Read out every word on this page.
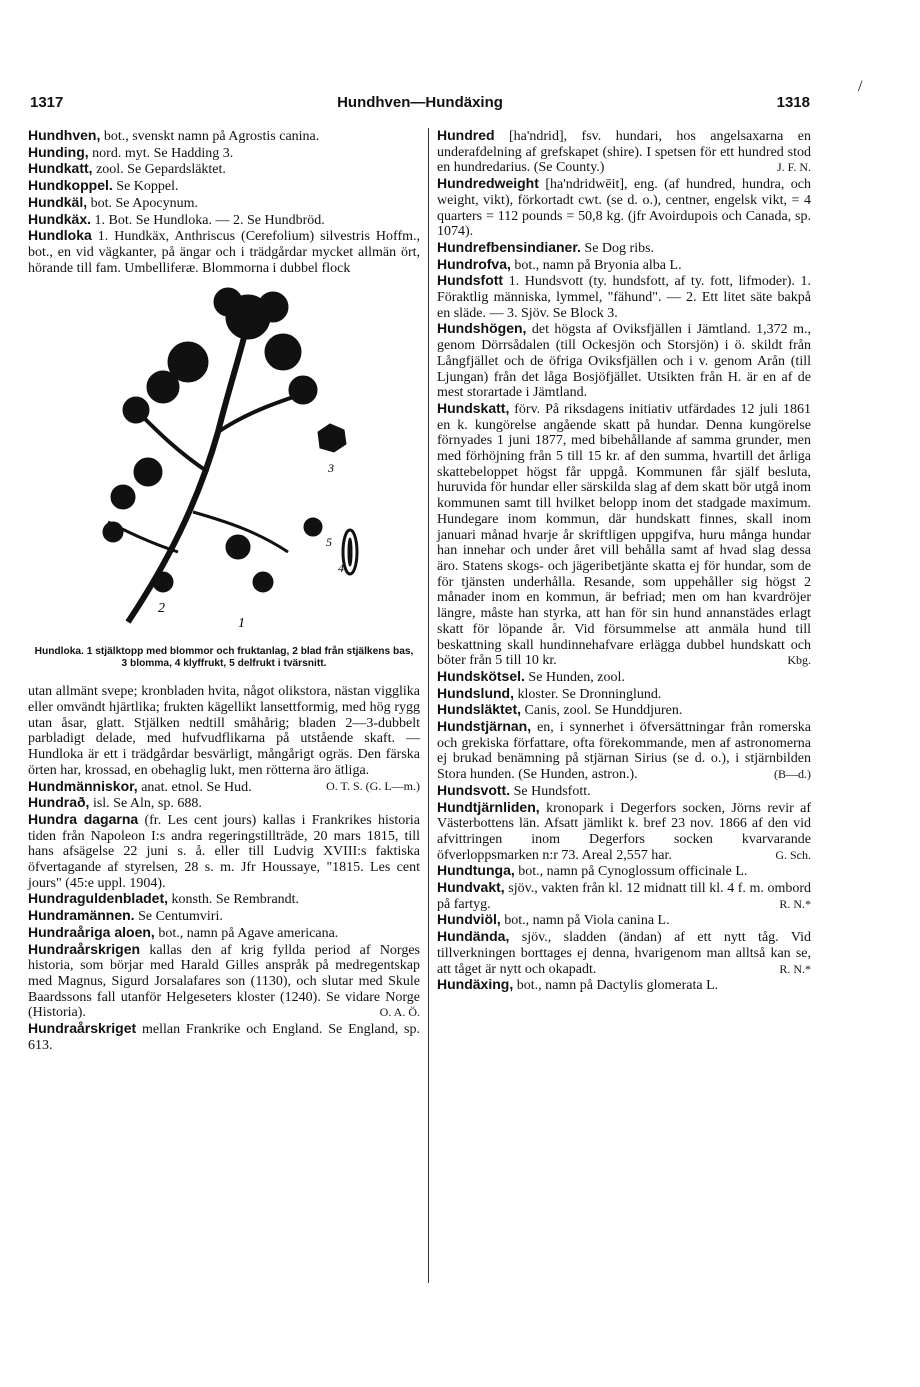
1317	Hundhven—Hundäxing	1318
/

Hundhven, bot., svenskt namn på Agrostis canina.

Hunding, nord. myt. Se Hadding 3.

Hundkatt, zool. Se Gepardsläktet.

Hundkoppel. Se Koppel.

Hundkäl, bot. Se Apocynum.

Hundkäx. 1. Bot. Se Hundloka. — 2. Se Hundbröd.

Hundloka 1. Hundkäx, Anthriscus (Cerefolium) silvestris Hoffm., bot., en vid vägkanter, på ängar och i trädgårdar mycket allmän ört, hörande till fam. Umbelliferæ. Blommorna i dubbel flock

2
1
3
4
5
Hundloka. 1 stjälktopp med blommor och fruktanlag, 2 blad från stjälkens bas, 3 blomma, 4 klyffrukt, 5 delfrukt i tvärsnitt.

utan allmänt svepe; kronbladen hvita, något olikstora, nästan vigglika eller omvändt hjärtlika; frukten kägellikt lansettformig, med hög rygg utan åsar, glatt. Stjälken nedtill småhårig; bladen 2—3-dubbelt parbladigt delade, med hufvudflikarna på utstående skaft. — Hundloka är ett i trädgårdar besvärligt, mångårigt ogräs. Den färska örten har, krossad, en obehaglig lukt, men rötterna äro ätliga.
O. T. S. (G. L—m.)

Hundmänniskor, anat. etnol. Se Hud.

Hundrað, isl. Se Aln, sp. 688.

Hundra dagarna (fr. Les cent jours) kallas i Frankrikes historia tiden från Napoleon I:s andra regeringstillträde, 20 mars 1815, till hans afsägelse 22 juni s. å. eller till Ludvig XVIII:s faktiska öfvertagande af styrelsen, 28 s. m. Jfr Houssaye, "1815. Les cent jours" (45:e uppl. 1904).

Hundraguldenbladet, konsth. Se Rembrandt.

Hundramännen. Se Centumviri.

Hundraåriga aloen, bot., namn på Agave americana.

Hundraårskrigen kallas den af krig fyllda period af Norges historia, som börjar med Harald Gilles anspråk på medregentskap med Magnus, Sigurd Jorsalafares son (1130), och slutar med Skule Baardssons fall utanför Helgeseters kloster (1240). Se vidare Norge (Historia).	O. A. Ö.

Hundraårskriget mellan Frankrike och England. Se England, sp. 613.

Hundred [ha'ndrid], fsv. hundari, hos angelsaxarna en underafdelning af grefskapet (shire). I spetsen för ett hundred stod en hundredarius. (Se County.)	J. F. N.

Hundredweight [ha'ndridwēit], eng. (af hundred, hundra, och weight, vikt), förkortadt cwt. (se d. o.), centner, engelsk vikt, = 4 quarters = 112 pounds = 50,8 kg. (jfr Avoirdupois och Canada, sp. 1074).

Hundrefbensindianer. Se Dog ribs.

Hundrofva, bot., namn på Bryonia alba L.

Hundsfott 1. Hundsvott (ty. hundsfott, af ty. fott, lifmoder). 1. Föraktlig människa, lymmel, "fähund". — 2. Ett litet säte bakpå en släde. — 3. Sjöv. Se Block 3.

Hundshögen, det högsta af Oviksfjällen i Jämtland. 1,372 m., genom Dörrsådalen (till Ockesjön och Storsjön) i ö. skildt från Långfjället och de öfriga Oviksfjällen och i v. genom Arån (till Ljungan) från det låga Bosjöfjället. Utsikten från H. är en af de mest storartade i Jämtland.

Hundskatt, förv. På riksdagens initiativ utfärdades 12 juli 1861 en k. kungörelse angående skatt på hundar. Denna kungörelse förnyades 1 juni 1877, med bibehållande af samma grunder, men med förhöjning från 5 till 15 kr. af den summa, hvartill det årliga skattebeloppet högst får uppgå. Kommunen får själf besluta, huruvida för hundar eller särskilda slag af dem skatt bör utgå inom kommunen samt till hvilket belopp inom det stadgade maximum. Hundegare inom kommun, där hundskatt finnes, skall inom januari månad hvarje år skriftligen uppgifva, huru många hundar han innehar och under året vill behålla samt af hvad slag dessa äro. Statens skogs- och jägeribetjänte skatta ej för hundar, som de för tjänsten underhålla. Resande, som uppehåller sig högst 2 månader inom en kommun, är befriad; men om han kvardröjer längre, måste han styrka, att han för sin hund annanstädes erlagt skatt för löpande år. Vid försummelse att anmäla hund till beskattning skall hundinnehafvare erlägga dubbel hundskatt och böter från 5 till 10 kr.	Kbg.

Hundskötsel. Se Hunden, zool.

Hundslund, kloster. Se Dronninglund.

Hundsläktet, Canis, zool. Se Hunddjuren.

Hundstjärnan, en, i synnerhet i öfversättningar från romerska och grekiska författare, ofta förekommande, men af astronomerna ej brukad benämning på stjärnan Sirius (se d. o.), i stjärnbilden Stora hunden. (Se Hunden, astron.).	(B—d.)

Hundsvott. Se Hundsfott.

Hundtjärnliden, kronopark i Degerfors socken, Jörns revir af Västerbottens län. Afsatt jämlikt k. bref 23 nov. 1866 af den vid afvittringen inom Degerfors socken kvarvarande öfverloppsmarken n:r 73. Areal 2,557 har.	G. Sch.

Hundtunga, bot., namn på Cynoglossum officinale L.

Hundvakt, sjöv., vakten från kl. 12 midnatt till kl. 4 f. m. ombord på fartyg.	R. N.*

Hundviöl, bot., namn på Viola canina L.

Hundända, sjöv., sladden (ändan) af ett nytt tåg. Vid tillverkningen borttages ej denna, hvarigenom man alltså kan se, att tåget är nytt och okapadt.	R. N.*

Hundäxing, bot., namn på Dactylis glomerata L.
